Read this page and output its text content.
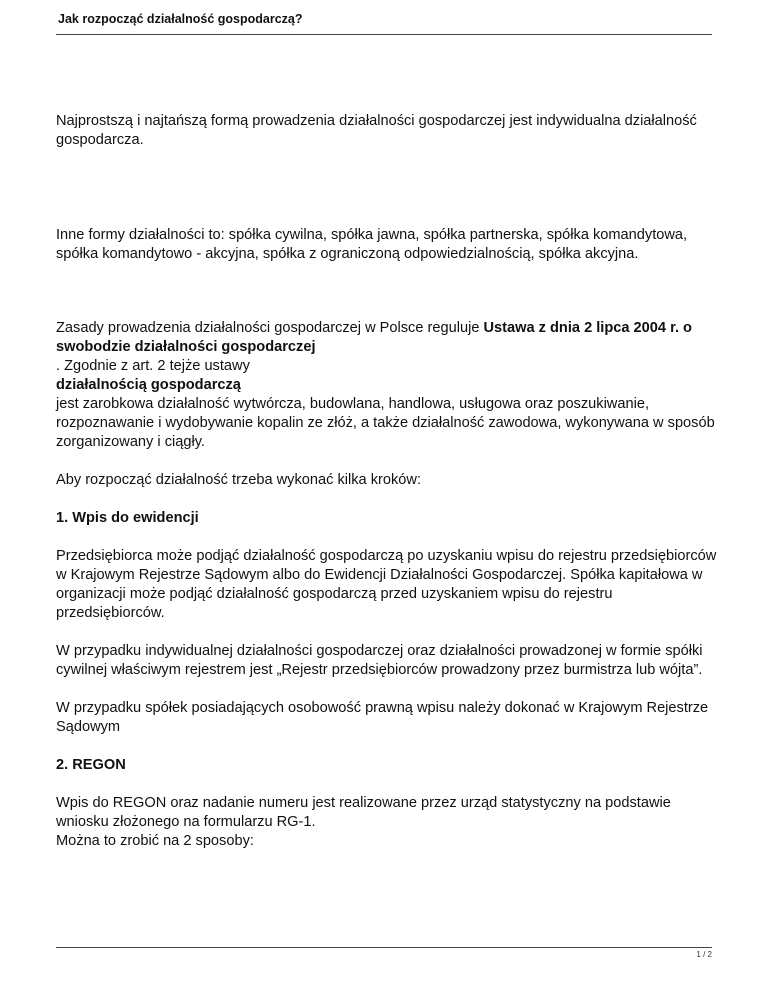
Jak rozpocząć działalność gospodarczą?

Najprostszą i najtańszą formą prowadzenia działalności gospodarczej jest indywidualna działalność gospodarcza.

Inne formy działalności to: spółka cywilna, spółka jawna, spółka partnerska, spółka komandytowa, spółka komandytowo - akcyjna, spółka z ograniczoną odpowiedzialnością, spółka akcyjna.

Zasady prowadzenia działalności gospodarczej w Polsce reguluje Ustawa z dnia 2 lipca 2004 r. o swobodzie działalności gospodarczej
. Zgodnie z art. 2 tejże ustawy
działalnością gospodarczą
jest zarobkowa działalność wytwórcza, budowlana, handlowa, usługowa oraz poszukiwanie, rozpoznawanie i wydobywanie kopalin ze złóż, a także działalność zawodowa, wykonywana w sposób zorganizowany i ciągły.

Aby rozpocząć działalność trzeba wykonać kilka kroków:

1. Wpis do ewidencji

Przedsiębiorca może podjąć działalność gospodarczą po uzyskaniu wpisu do rejestru przedsiębiorców w Krajowym Rejestrze Sądowym albo do Ewidencji Działalności Gospodarczej. Spółka kapitałowa w organizacji może podjąć działalność gospodarczą przed uzyskaniem wpisu do rejestru przedsiębiorców.

W przypadku indywidualnej działalności gospodarczej oraz działalności prowadzonej w formie spółki cywilnej właściwym rejestrem jest „Rejestr przedsiębiorców prowadzony przez burmistrza lub wójta”.

W przypadku spółek posiadających osobowość prawną wpisu należy dokonać w Krajowym Rejestrze Sądowym

2. REGON

Wpis do REGON oraz nadanie numeru jest realizowane przez urząd statystyczny na podstawie wniosku złożonego na formularzu RG-1.
Można to zrobić na 2 sposoby:

1 / 2
